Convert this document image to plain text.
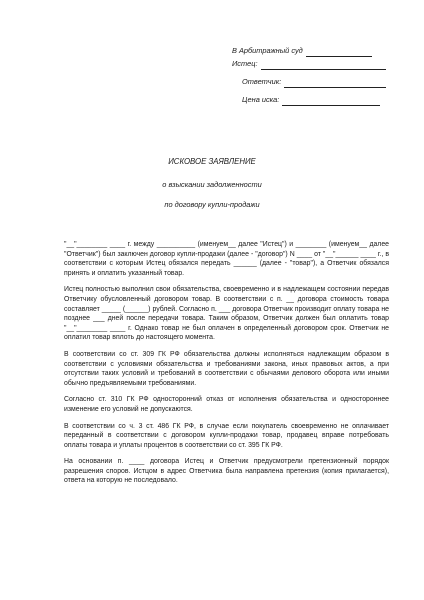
В Арбитражный суд
Истец:
Ответчик:
Цена иска:
ИСКОВОЕ ЗАЯВЛЕНИЕ
о взыскании задолженности
по договору купли-продажи

"__"________ ____ г. между __________ (именуем__ далее "Истец") и ________ (именуем__ далее "Ответчик") был заключен договор купли-продажи (далее - "договор") N ____ от "__"______ ____ г., в соответствии с которым Истец обязался передать ______ (далее - "товар"), а Ответчик обязался принять и оплатить указанный товар.

Истец полностью выполнил свои обязательства, своевременно и в надлежащем состоянии передав Ответчику обусловленный договором товар. В соответствии с п. __ договора стоимость товара составляет _____ (______) рублей. Согласно п. ___ договора Ответчик производит оплату товара не позднее ___ дней после передачи товара. Таким образом, Ответчик должен был оплатить товар "__"________ ____ г. Однако товар не был оплачен в определенный договором срок. Ответчик не оплатил товар вплоть до настоящего момента.

В соответствии со ст. 309 ГК РФ обязательства должны исполняться надлежащим образом в соответствии с условиями обязательства и требованиями закона, иных правовых актов, а при отсутствии таких условий и требований в соответствии с обычаями делового оборота или иными обычно предъявляемыми требованиями.

Согласно ст. 310 ГК РФ односторонний отказ от исполнения обязательства и одностороннее изменение его условий не допускаются.

В соответствии со ч. 3 ст. 486 ГК РФ, в случае если покупатель своевременно не оплачивает переданный в соответствии с договором купли-продажи товар, продавец вправе потребовать оплаты товара и уплаты процентов в соответствии со ст. 395 ГК РФ.

На основании п. ____ договора Истец и Ответчик предусмотрели претензионный порядок разрешения споров. Истцом в адрес Ответчика была направлена претензия (копия прилагается), ответа на которую не последовало.
